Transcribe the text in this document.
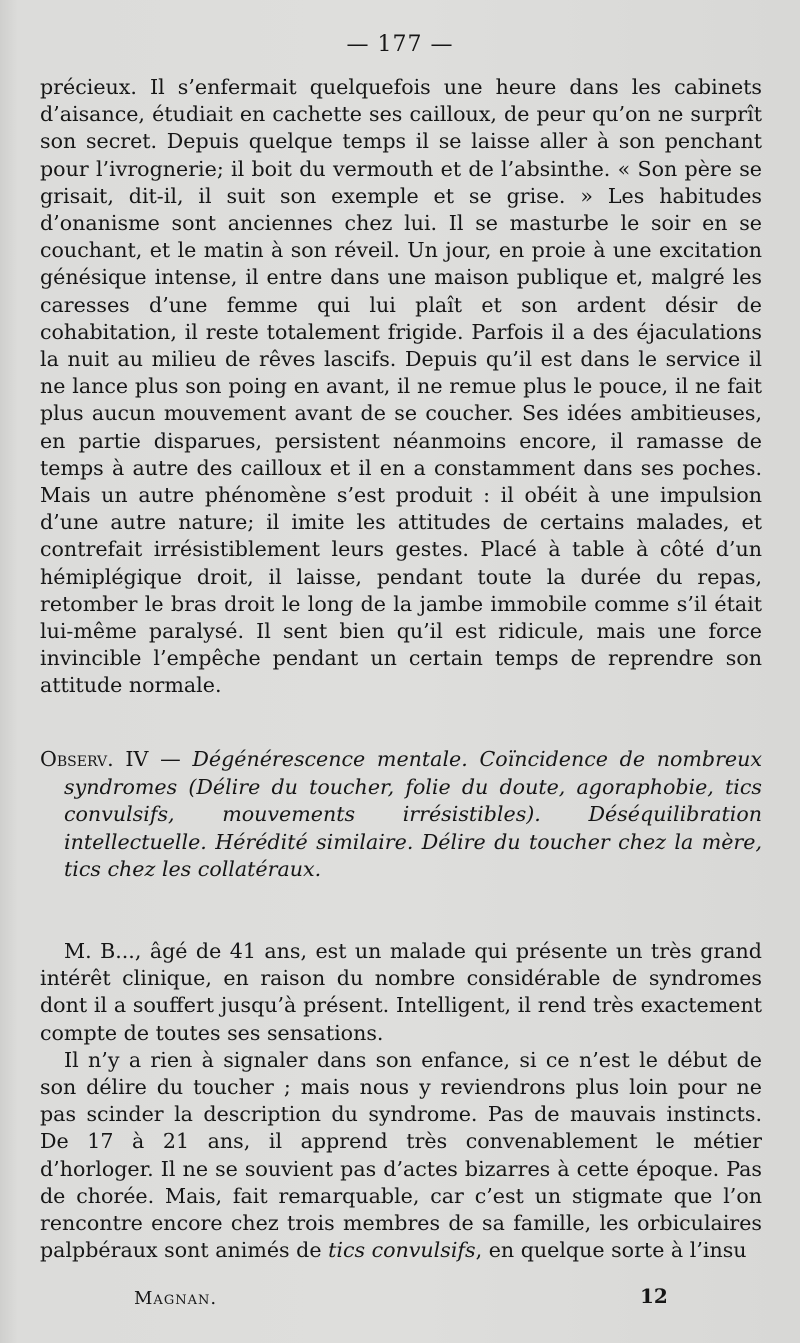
— 177 —
précieux. Il s’enfermait quelquefois une heure dans les cabinets d’aisance, étudiait en cachette ses cailloux, de peur qu’on ne surprît son secret. Depuis quelque temps il se laisse aller à son penchant pour l’ivrognerie; il boit du vermouth et de l’absinthe. « Son père se grisait, dit-il, il suit son exemple et se grise. » Les habitudes d’onanisme sont anciennes chez lui. Il se masturbe le soir en se couchant, et le matin à son réveil. Un jour, en proie à une excitation génésique intense, il entre dans une maison publique et, malgré les caresses d’une femme qui lui plaît et son ardent désir de cohabitation, il reste totalement frigide. Parfois il a des éjaculations la nuit au milieu de rêves lascifs. Depuis qu’il est dans le service il ne lance plus son poing en avant, il ne remue plus le pouce, il ne fait plus aucun mouvement avant de se coucher. Ses idées ambitieuses, en partie disparues, persistent néanmoins encore, il ramasse de temps à autre des cailloux et il en a constamment dans ses poches. Mais un autre phénomène s’est produit : il obéit à une impulsion d’une autre nature; il imite les attitudes de certains malades, et contrefait irrésistiblement leurs gestes. Placé à table à côté d’un hémiplégique droit, il laisse, pendant toute la durée du repas, retomber le bras droit le long de la jambe immobile comme s’il était lui-même paralysé. Il sent bien qu’il est ridicule, mais une force invincible l’empêche pendant un certain temps de reprendre son attitude normale.
Observ. IV — Dégénérescence mentale. Coïncidence de nombreux syndromes (Délire du toucher, folie du doute, agoraphobie, tics convulsifs, mouvements irrésistibles). Déséquilibration intellectuelle. Hérédité similaire. Délire du toucher chez la mère, tics chez les collatéraux.

M. B..., âgé de 41 ans, est un malade qui présente un très grand intérêt clinique, en raison du nombre considérable de syndromes dont il a souffert jusqu’à présent. Intelligent, il rend très exactement compte de toutes ses sensations.

Il n’y a rien à signaler dans son enfance, si ce n’est le début de son délire du toucher ; mais nous y reviendrons plus loin pour ne pas scinder la description du syndrome. Pas de mauvais instincts. De 17 à 21 ans, il apprend très convenablement le métier d’horloger. Il ne se souvient pas d’actes bizarres à cette époque. Pas de chorée. Mais, fait remarquable, car c’est un stigmate que l’on rencontre encore chez trois membres de sa famille, les orbiculaires palpbéraux sont animés de tics convulsifs, en quelque sorte à l’insu

Magnan.	12
